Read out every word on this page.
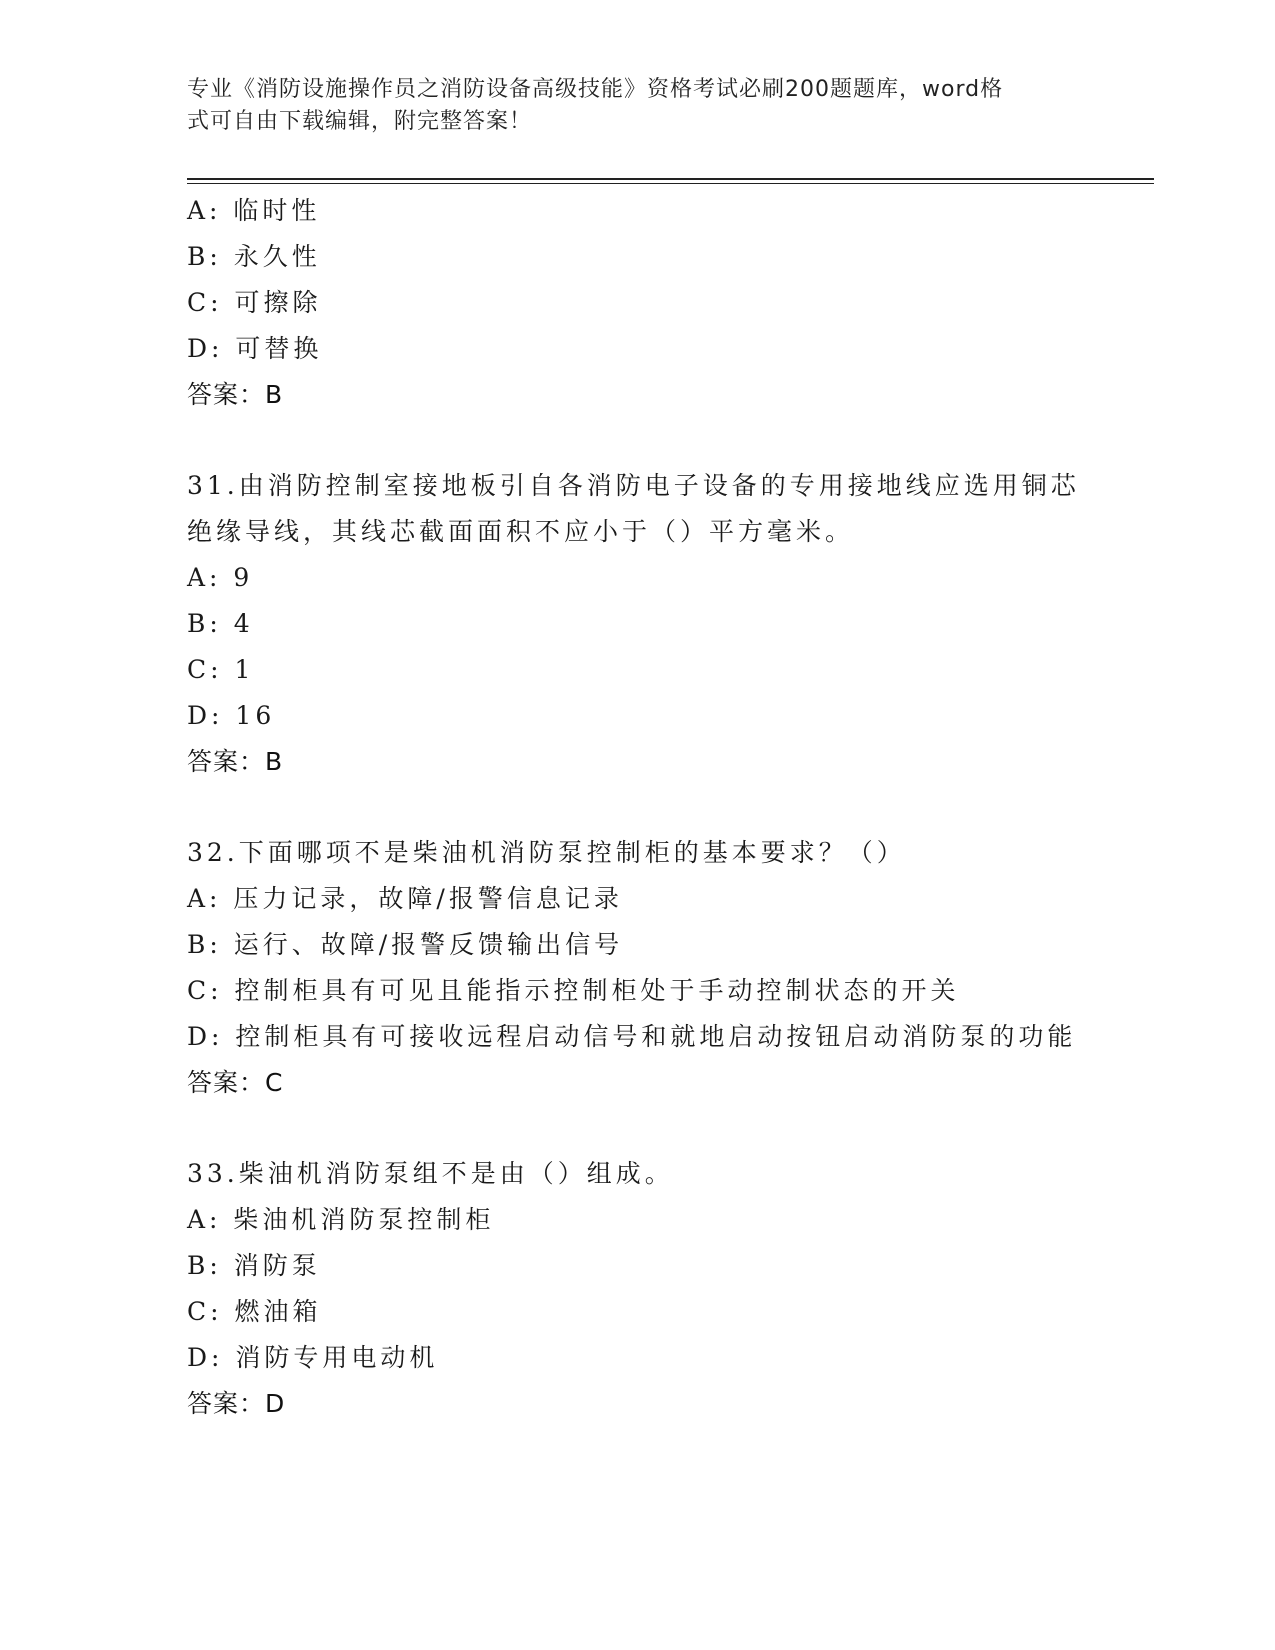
专业《消防设施操作员之消防设备高级技能》资格考试必刷200题题库，word格
式可自由下载编辑，附完整答案！
A: 临时性
B: 永久性
C: 可擦除
D: 可替换
答案：B
31.由消防控制室接地板引自各消防电子设备的专用接地线应选用铜芯
绝缘导线，其线芯截面面积不应小于（）平方毫米。
A: 9
B: 4
C: 1
D: 16
答案：B
32.下面哪项不是柴油机消防泵控制柜的基本要求？（）
A: 压力记录，故障/报警信息记录
B: 运行、故障/报警反馈输出信号
C: 控制柜具有可见且能指示控制柜处于手动控制状态的开关
D: 控制柜具有可接收远程启动信号和就地启动按钮启动消防泵的功能
答案：C
33.柴油机消防泵组不是由（）组成。
A: 柴油机消防泵控制柜
B: 消防泵
C: 燃油箱
D: 消防专用电动机
答案：D
